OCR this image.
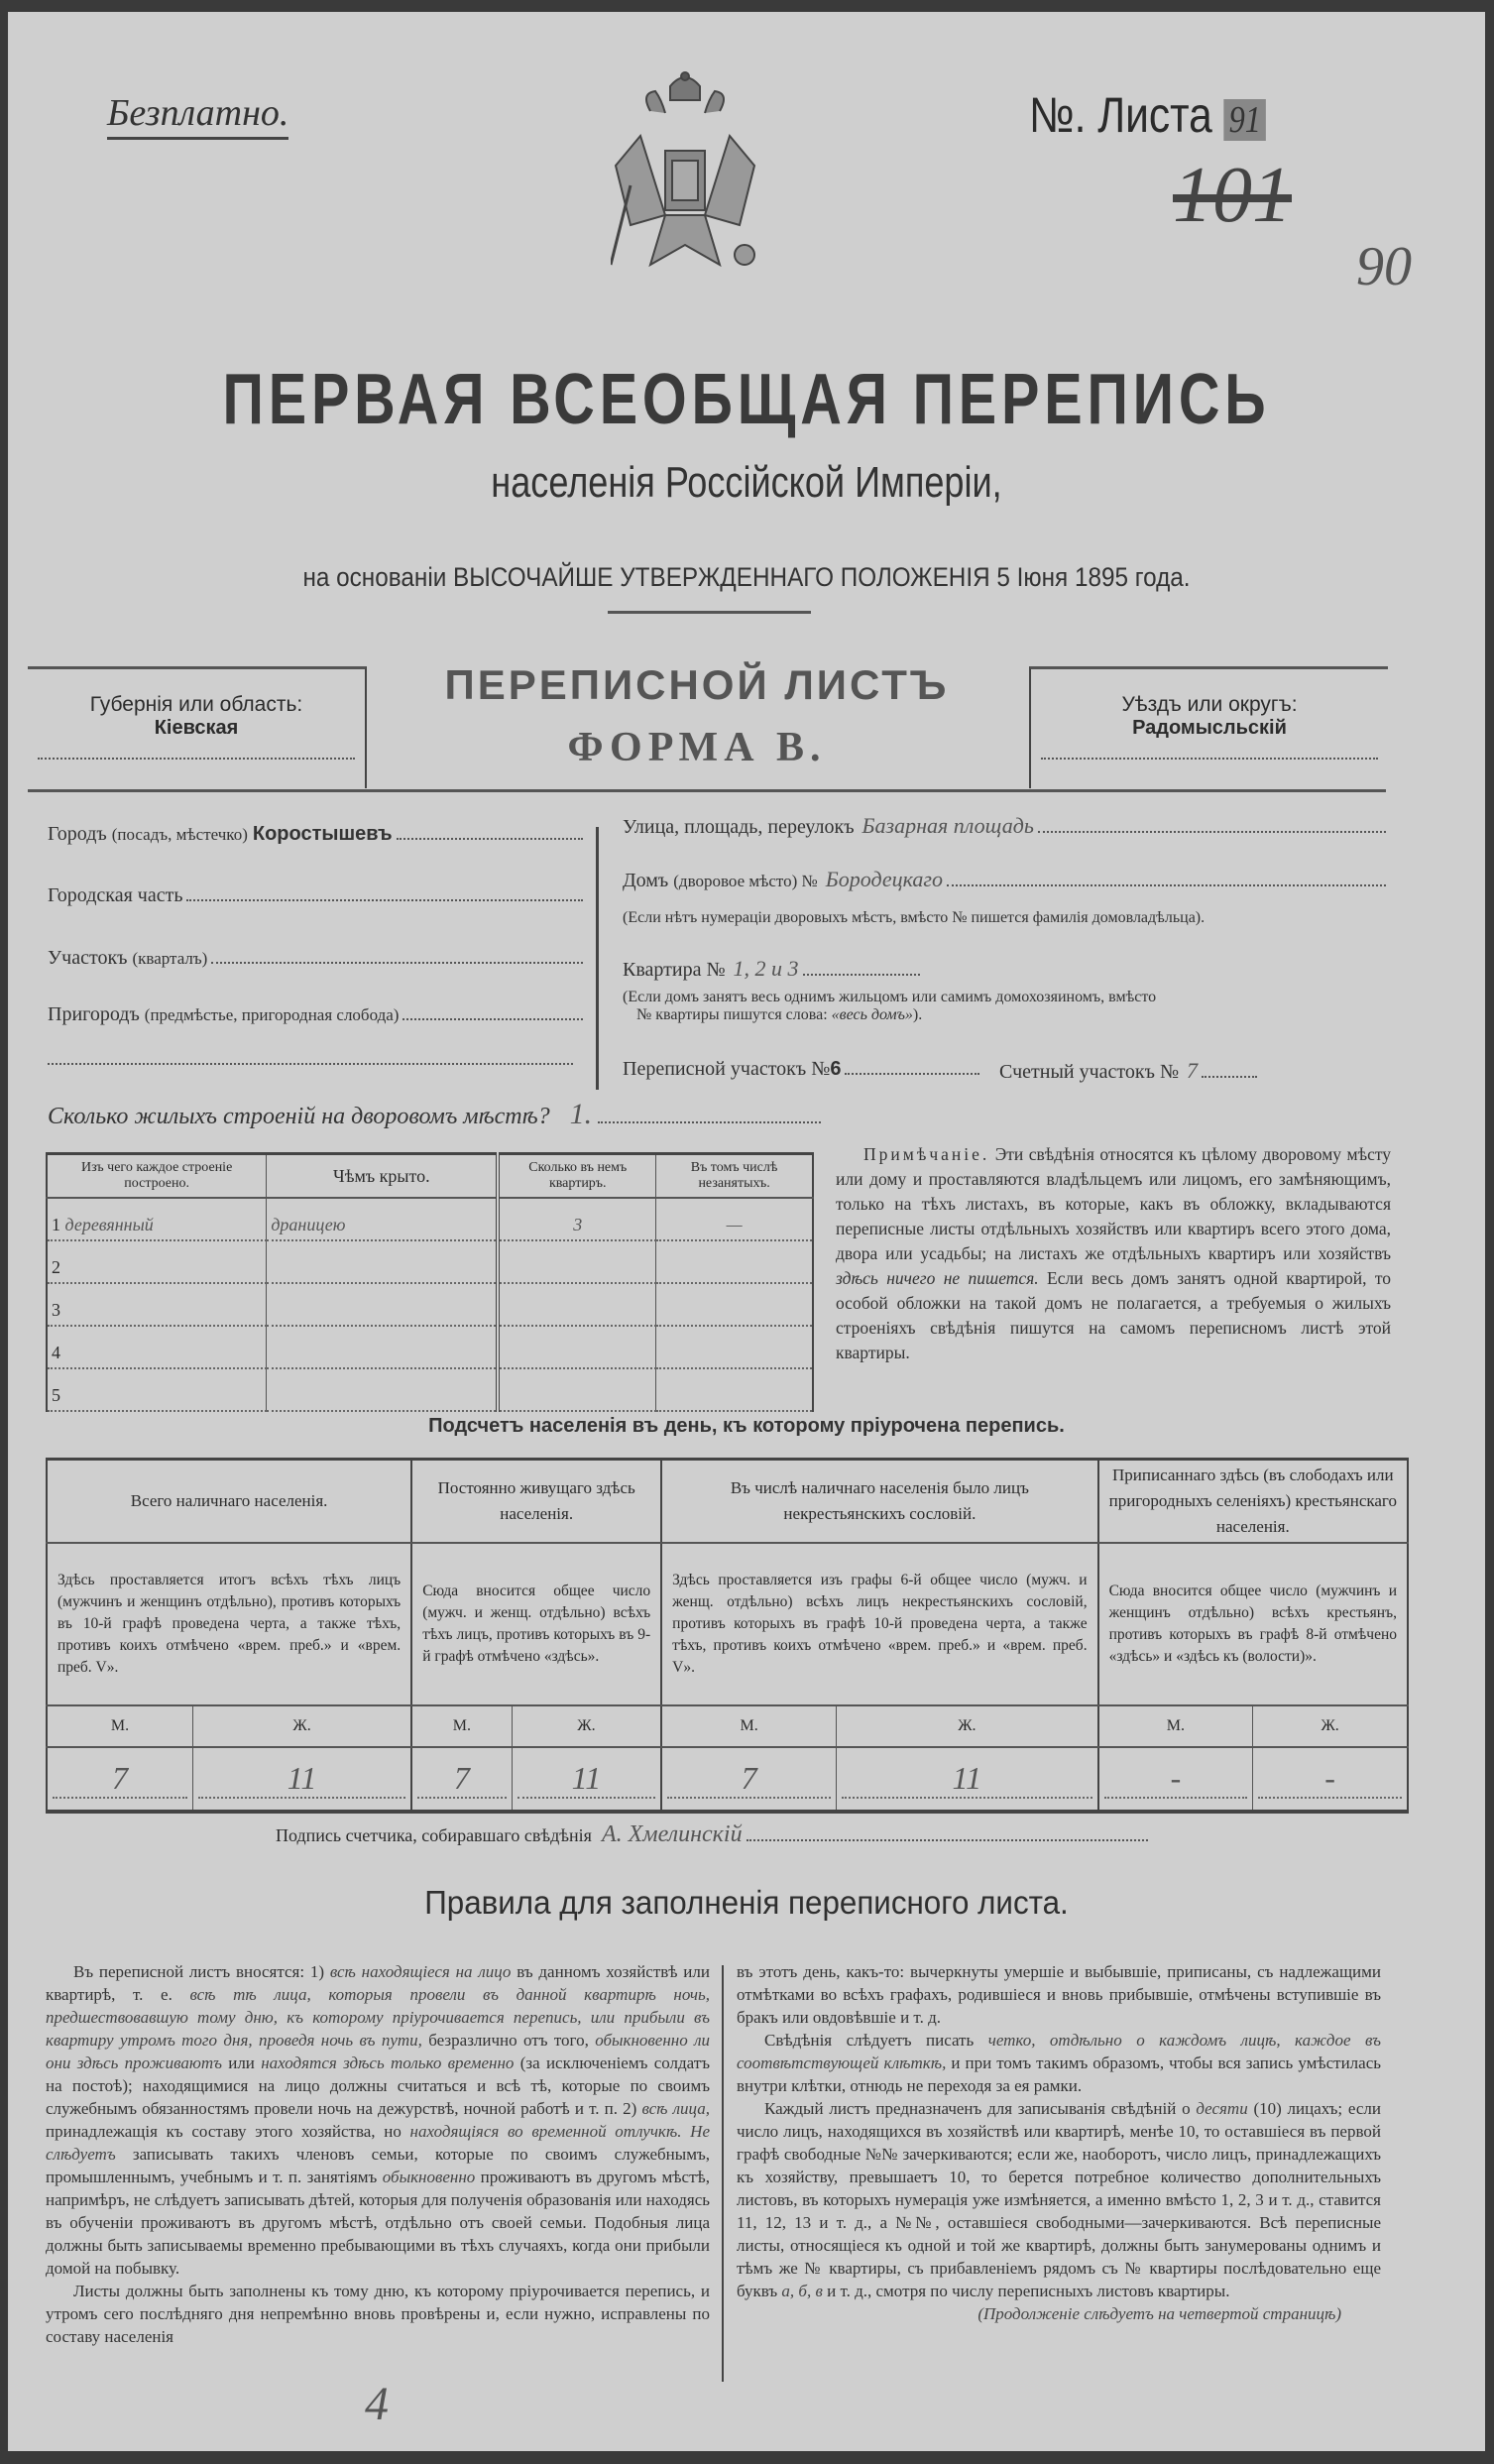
Безплатно.	№. Листа 91
101
90
ПЕРВАЯ ВСЕОБЩАЯ ПЕРЕПИСЬ
населенія Россійской Имперіи,
на основаніи ВЫСОЧАЙШЕ УТВЕРЖДЕННАГО ПОЛОЖЕНІЯ 5 Іюня 1895 года.
Губернія или область:
Кіевская
ПЕРЕПИСНОЙ ЛИСТЪ
ФОРМА В.
Уѣздъ или округъ:
Радомысльскій
Городъ
(посадъ, мѣстечко)
Коростышевъ
Городская часть
Участокъ
(кварталъ)
Пригородъ
(предмѣстье, пригородная слобода)
Улица, площадь, переулокъ Базарная площадь
Домъ
(дворовое мѣсто) № Бородецкаго
(Если нѣтъ нумераціи дворовыхъ мѣстъ, вмѣсто № пишется фамилія домовладѣльца).
Квартира № 1, 2 и 3
(Если домъ занятъ весь однимъ жильцомъ или самимъ домохозяиномъ, вмѣсто
№ квартиры пишутся слова: «весь домъ»).
Переписной участокъ № 6	Счетный участокъ № 7
Сколько жилыхъ строеній на дворовомъ мѣстѣ? 1.
Изъ чего каждое строеніе построено.	Чѣмъ крыто.	Сколько въ немъ квартиръ.	Въ томъ числѣ незанятыхъ.
1 деревянный	драницею	3	—
2			
3			
4			
5			
Примѣчаніе. Эти свѣдѣнія относятся къ цѣлому дворовому мѣсту или дому и проставляются владѣльцемъ или лицомъ, его замѣняющимъ, только на тѣхъ листахъ, въ которые, какъ въ обложку, вкладываются переписные листы отдѣльныхъ хозяйствъ или квартиръ всего этого дома, двора или усадьбы; на листахъ же отдѣльныхъ квартиръ или хозяйствъ здѣсь ничего не пишется. Если весь домъ занятъ одной квартирой, то особой обложки на такой домъ не полагается, а требуемыя о жилыхъ строеніяхъ свѣдѣнія пишутся на самомъ переписномъ листѣ этой квартиры.
Подсчетъ населенія въ день, къ которому пріурочена перепись.
Всего наличнаго населенія.		Постоянно живущаго здѣсь населенія.		Въ числѣ наличнаго населенія было лицъ некрестьянскихъ сословій.		Приписаннаго здѣсь (въ слободахъ или пригородныхъ селеніяхъ) крестьянскаго населенія.	
Здѣсь проставляется итогъ всѣхъ тѣхъ лицъ (мужчинъ и женщинъ отдѣльно), противъ которыхъ въ 10-й графѣ проведена черта, а также тѣхъ, противъ коихъ отмѣчено «врем. преб.» и «врем. преб. V».		Сюда вносится общее число (мужч. и женщ. отдѣльно) всѣхъ тѣхъ лицъ, противъ которыхъ въ 9-й графѣ отмѣчено «здѣсь».		Здѣсь проставляется изъ графы 6-й общее число (мужч. и женщ. отдѣльно) всѣхъ лицъ некрестьянскихъ сословій, противъ которыхъ въ графѣ 10-й проведена черта, а также тѣхъ, противъ коихъ отмѣчено «врем. преб.» и «врем. преб. V».		Сюда вносится общее число (мужчинъ и женщинъ отдѣльно) всѣхъ крестьянъ, противъ которыхъ въ графѣ 8-й отмѣчено «здѣсь» и «здѣсь къ (волости)».	
М.	Ж.	М.	Ж.	М.	Ж.	М.	Ж.

7	11	7	11	7	11	-	-
Подпись счетчика, собиравшаго свѣдѣнія А. Хмелинскій
Правила для заполненія переписного листа.

Въ переписной листъ вносятся: 1) всѣ находящіеся на лицо въ данномъ хозяйствѣ или квартирѣ, т. е. всѣ тѣ лица, которыя провели въ данной квартирѣ ночь, предшествовавшую тому дню, къ которому пріурочивается перепись, или прибыли въ квартиру утромъ того дня, проведя ночь въ пути, безразлично отъ того, обыкновенно ли они здѣсь проживаютъ или находятся здѣсь только временно (за исключеніемъ солдатъ на постоѣ); находящимися на лицо должны считаться и всѣ тѣ, которые по своимъ служебнымъ обязанностямъ провели ночь на дежурствѣ, ночной работѣ и т. п. 2) всѣ лица, принадлежащія къ составу этого хозяйства, но находящіяся во временной отлучкѣ. Не слѣдуетъ записывать такихъ членовъ семьи, которые по своимъ служебнымъ, промышленнымъ, учебнымъ и т. п. занятіямъ обыкновенно проживаютъ въ другомъ мѣстѣ, напримѣръ, не слѣдуетъ записывать дѣтей, которыя для полученія образованія или находясь въ обученіи проживаютъ въ другомъ мѣстѣ, отдѣльно отъ своей семьи. Подобныя лица должны быть записываемы временно пребывающими въ тѣхъ случаяхъ, когда они прибыли домой на побывку.

Листы должны быть заполнены къ тому дню, къ которому пріурочивается перепись, и утромъ сего послѣдняго дня непремѣнно вновь провѣрены и, если нужно, исправлены по составу населенія

въ этотъ день, какъ-то: вычеркнуты умершіе и выбывшіе, приписаны, съ надлежащими отмѣтками во всѣхъ графахъ, родившіеся и вновь прибывшіе, отмѣчены вступившіе въ бракъ или овдовѣвшіе и т. д.

Свѣдѣнія слѣдуетъ писать четко, отдѣльно о каждомъ лицѣ, каждое въ соотвѣтствующей клѣткѣ, и при томъ такимъ образомъ, чтобы вся запись умѣстилась внутри клѣтки, отнюдь не переходя за ея рамки.

Каждый листъ предназначенъ для записыванія свѣдѣній о десяти (10) лицахъ; если число лицъ, находящихся въ хозяйствѣ или квартирѣ, менѣе 10, то оставшіеся въ первой графѣ свободные №№ зачеркиваются; если же, наоборотъ, число лицъ, принадлежащихъ къ хозяйству, превышаетъ 10, то берется потребное количество дополнительныхъ листовъ, въ которыхъ нумерація уже измѣняется, а именно вмѣсто 1, 2, 3 и т. д., ставится 11, 12, 13 и т. д., а №№, оставшіеся свободными—зачеркиваются. Всѣ переписные листы, относящіеся къ одной и той же квартирѣ, должны быть занумерованы однимъ и тѣмъ же № квартиры, съ прибавленіемъ рядомъ съ № квартиры послѣдовательно еще буквъ а, б, в и т. д., смотря по числу переписныхъ листовъ квартиры.

(Продолженіе слѣдуетъ на четвертой страницѣ)
4
